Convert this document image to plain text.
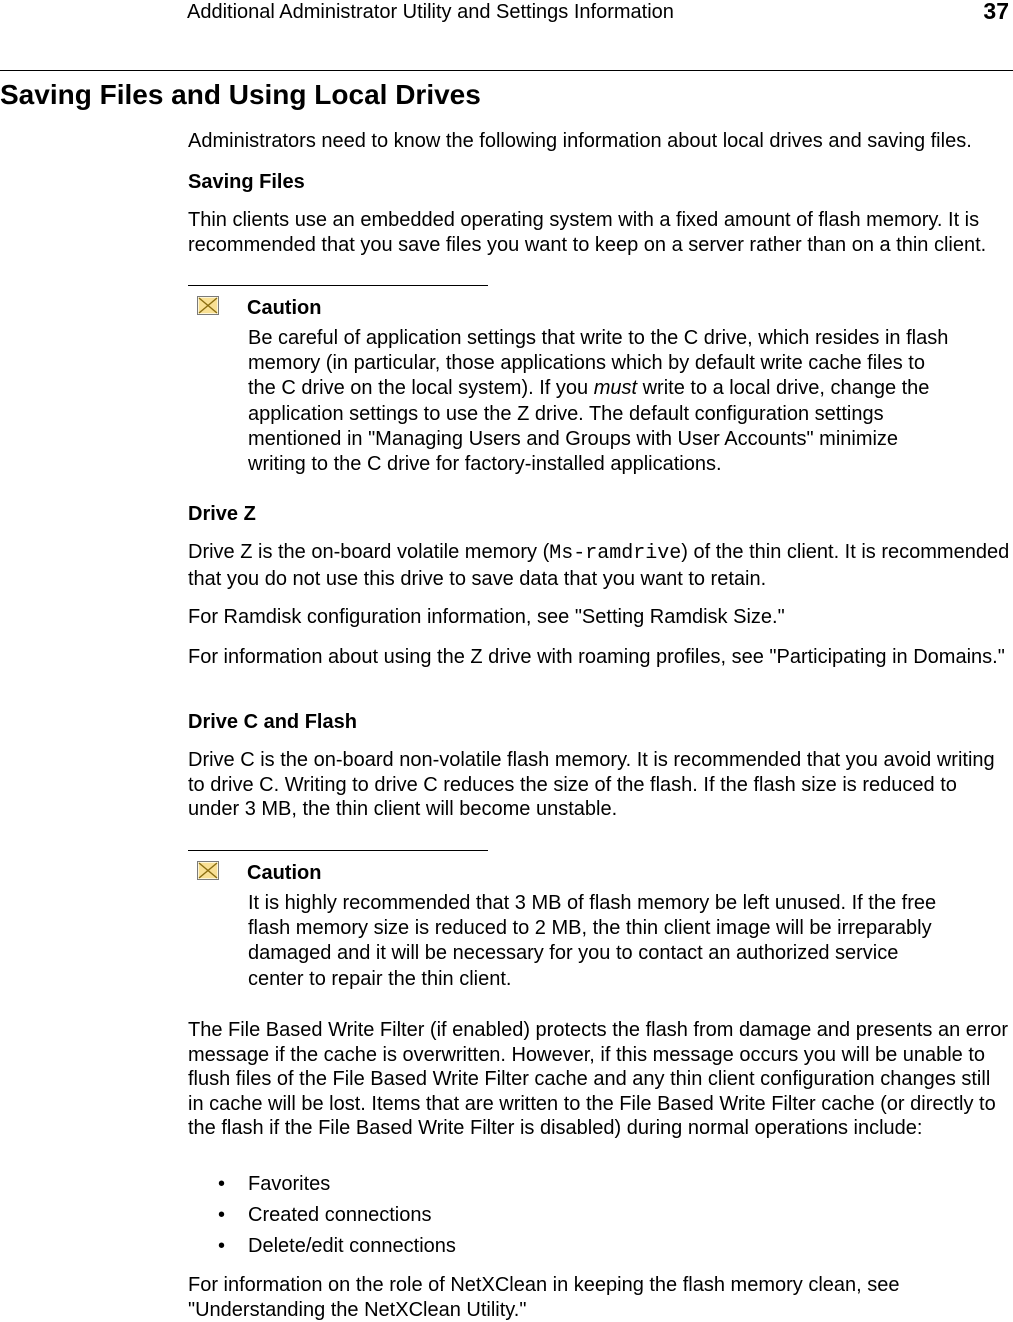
Additional Administrator Utility and Settings Information	37
Saving Files and Using Local Drives
Administrators need to know the following information about local drives and saving files.
Saving Files
Thin clients use an embedded operating system with a fixed amount of flash memory. It is recommended that you save files you want to keep on a server rather than on a thin client.
Caution
Be careful of application settings that write to the C drive, which resides in flash memory (in particular, those applications which by default write cache files to the C drive on the local system). If you must write to a local drive, change the application settings to use the Z drive. The default configuration settings mentioned in "Managing Users and Groups with User Accounts" minimize writing to the C drive for factory-installed applications.
Drive Z
Drive Z is the on-board volatile memory (Ms-ramdrive) of the thin client. It is recommended that you do not use this drive to save data that you want to retain.
For Ramdisk configuration information, see "Setting Ramdisk Size."
For information about using the Z drive with roaming profiles, see "Participating in Domains."
Drive C and Flash
Drive C is the on-board non-volatile flash memory. It is recommended that you avoid writing to drive C. Writing to drive C reduces the size of the flash. If the flash size is reduced to under 3 MB, the thin client will become unstable.
Caution
It is highly recommended that 3 MB of flash memory be left unused. If the free flash memory size is reduced to 2 MB, the thin client image will be irreparably damaged and it will be necessary for you to contact an authorized service center to repair the thin client.
The File Based Write Filter (if enabled) protects the flash from damage and presents an error message if the cache is overwritten. However, if this message occurs you will be unable to flush files of the File Based Write Filter cache and any thin client configuration changes still in cache will be lost. Items that are written to the File Based Write Filter cache (or directly to the flash if the File Based Write Filter is disabled) during normal operations include:
• Favorites
• Created connections
• Delete/edit connections
For information on the role of NetXClean in keeping the flash memory clean, see "Understanding the NetXClean Utility."
